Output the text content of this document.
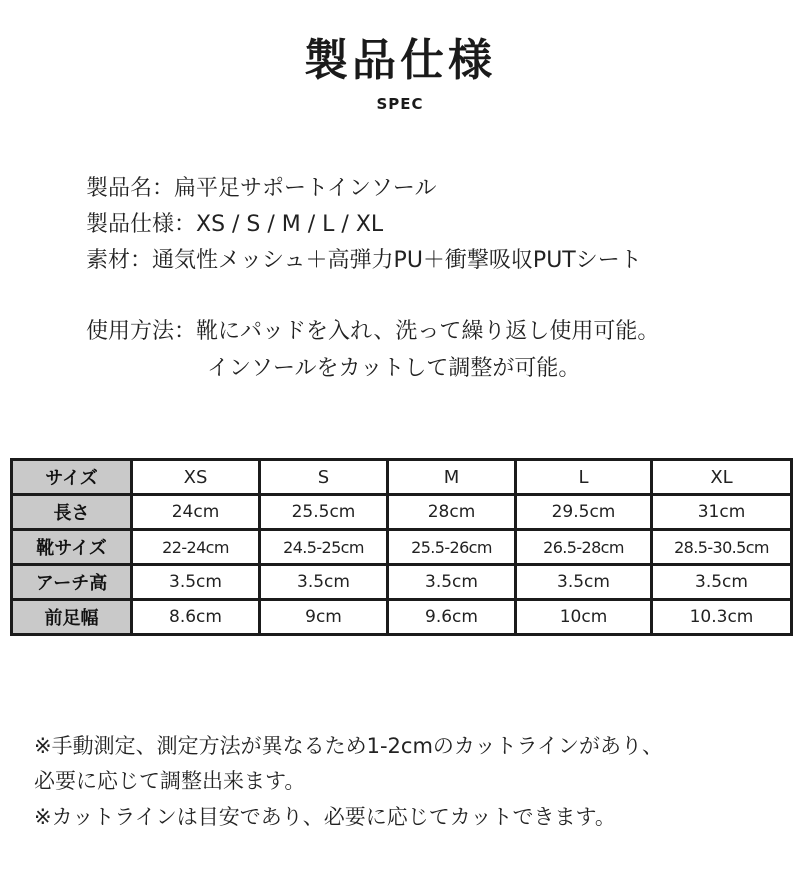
製品仕様
SPEC
製品名：扁平足サポートインソール
製品仕様：XS / S / M / L / XL
素材：通気性メッシュ＋高弾力PU＋衝撃吸収PUTシート
使用方法：靴にパッドを入れ、洗って繰り返し使用可能。
インソールをカットして調整が可能。
サイズ	XS	S	M	L	XL
長さ	24cm	25.5cm	28cm	29.5cm	31cm
靴サイズ	22-24cm	24.5-25cm	25.5-26cm	26.5-28cm	28.5-30.5cm
アーチ高	3.5cm	3.5cm	3.5cm	3.5cm	3.5cm
前足幅	8.6cm	9cm	9.6cm	10cm	10.3cm
※手動測定、測定方法が異なるため1-2cmのカットラインがあり、
必要に応じて調整出来ます。
※カットラインは目安であり、必要に応じてカットできます。
